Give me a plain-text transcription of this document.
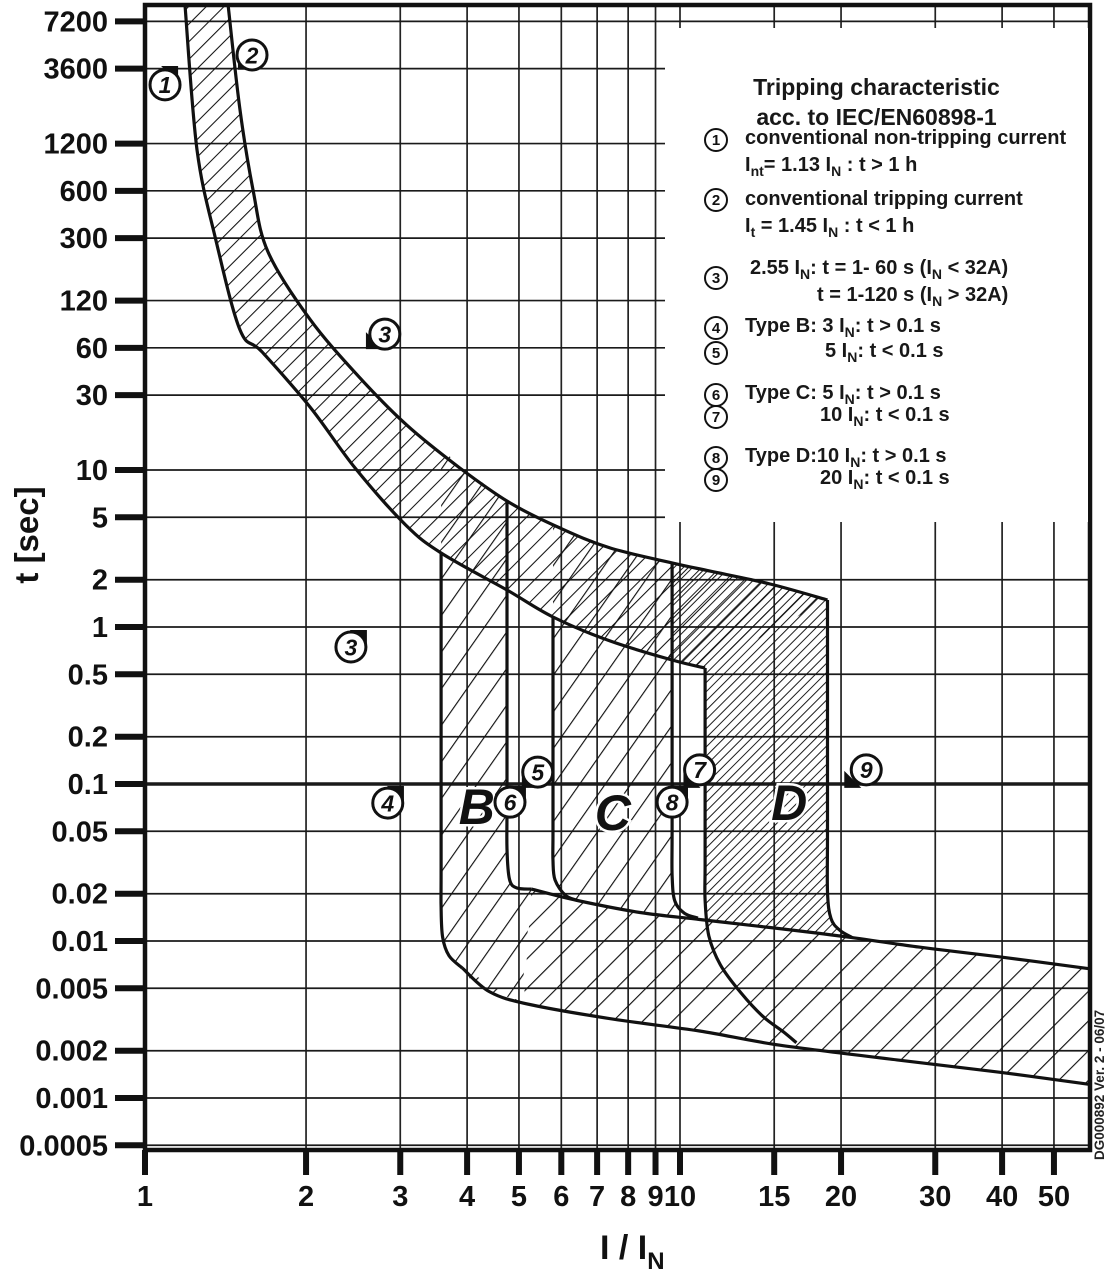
B C	D
1
2
3
3
4
5
6
7
8
9
7200
3600
1200
600
300
120
60
30
10
5
2
1
0.5
0.2
0.1
0.05
0.02
0.01
0.005
0.002
0.001
0.0005
1	2	3 4 5 6 7 8 9 10 15 20 30 40 50
t [sec]
I / $I_N$
Tripping characteristic
acc. to IEC/EN60898-1
1	conventional non-tripping current
$I_{nt}= 1.13$ $I_N$ : t > 1 h
2	conventional tripping current
$I_t = 1.45$ $I_N$ : t < 1 h
3	2.55 $I_N$: t = 1- 60 s $(I_N < 32A)$
t = 1-120 s $(I_N > 32A)$
4	Type B: 3 $I_N$: t > 0.1 s
5	5 $I_N$: t < 0.1 s
6	Type C: 5 $I_N$: t > 0.1 s
7	10 $I_N$: t < 0.1 s
8	Type D:10 $I_N$: t > 0.1 s
9	20 $I_N$: t < 0.1 s
DG000892 Ver. 2 - 06/07
